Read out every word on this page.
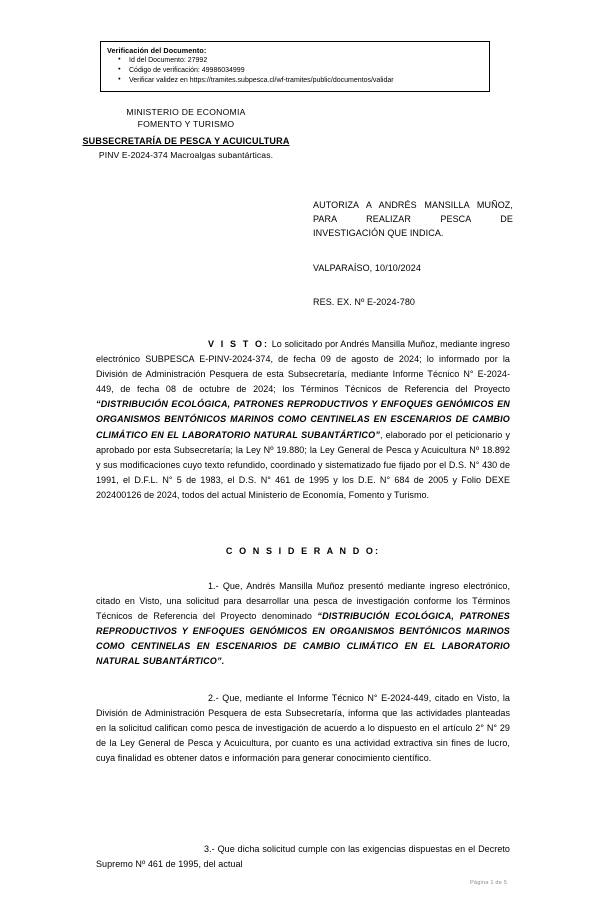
Verificación del Documento:
● Id del Documento: 27992
● Código de verificación: 49986034999
● Verificar validez en https://tramites.subpesca.cl/wf-tramites/public/documentos/validar
MINISTERIO DE ECONOMIA
FOMENTO Y TURISMO
SUBSECRETARÍA DE PESCA Y ACUICULTURA
PINV E-2024-374 Macroalgas subantárticas.
AUTORIZA A ANDRÉS MANSILLA MUÑOZ,
PARA REALIZAR PESCA DE
INVESTIGACIÓN QUE INDICA.
VALPARAÍSO, 10/10/2024
RES. EX. Nº E-2024-780
V I S T O: Lo solicitado por Andrés Mansilla Muñoz, mediante ingreso electrónico SUBPESCA E-PINV-2024-374, de fecha 09 de agosto de 2024; lo informado por la División de Administración Pesquera de esta Subsecretaría, mediante Informe Técnico N° E-2024-449, de fecha 08 de octubre de 2024; los Términos Técnicos de Referencia del Proyecto “DISTRIBUCIÓN ECOLÓGICA, PATRONES REPRODUCTIVOS Y ENFOQUES GENÓMICOS EN ORGANISMOS BENTÓNICOS MARINOS COMO CENTINELAS EN ESCENARIOS DE CAMBIO CLIMÁTICO EN EL LABORATORIO NATURAL SUBANTÁRTICO”, elaborado por el peticionario y aprobado por esta Subsecretaría; la Ley Nº 19.880; la Ley General de Pesca y Acuicultura Nº 18.892 y sus modificaciones cuyo texto refundido, coordinado y sistematizado fue fijado por el D.S. N° 430 de 1991, el D.F.L. N° 5 de 1983, el D.S. N° 461 de 1995 y los D.E. N° 684 de 2005 y Folio DEXE 202400126 de 2024, todos del actual Ministerio de Economía, Fomento y Turismo.
C O N S I D E R A N D O:
1.- Que, Andrés Mansilla Muñoz presentó mediante ingreso electrónico, citado en Visto, una solicitud para desarrollar una pesca de investigación conforme los Términos Técnicos de Referencia del Proyecto denominado “DISTRIBUCIÓN ECOLÓGICA, PATRONES REPRODUCTIVOS Y ENFOQUES GENÓMICOS EN ORGANISMOS BENTÓNICOS MARINOS COMO CENTINELAS EN ESCENARIOS DE CAMBIO CLIMÁTICO EN EL LABORATORIO NATURAL SUBANTÁRTICO”.
2.- Que, mediante el Informe Técnico N° E-2024-449, citado en Visto, la División de Administración Pesquera de esta Subsecretaría, informa que las actividades planteadas en la solicitud califican como pesca de investigación de acuerdo a lo dispuesto en el artículo 2° N° 29 de la Ley General de Pesca y Acuicultura, por cuanto es una actividad extractiva sin fines de lucro, cuya finalidad es obtener datos e información para generar conocimiento científico.
3.- Que dicha solicitud cumple con las exigencias dispuestas en el Decreto Supremo Nº 461 de 1995, del actual
Página 1 de 5
